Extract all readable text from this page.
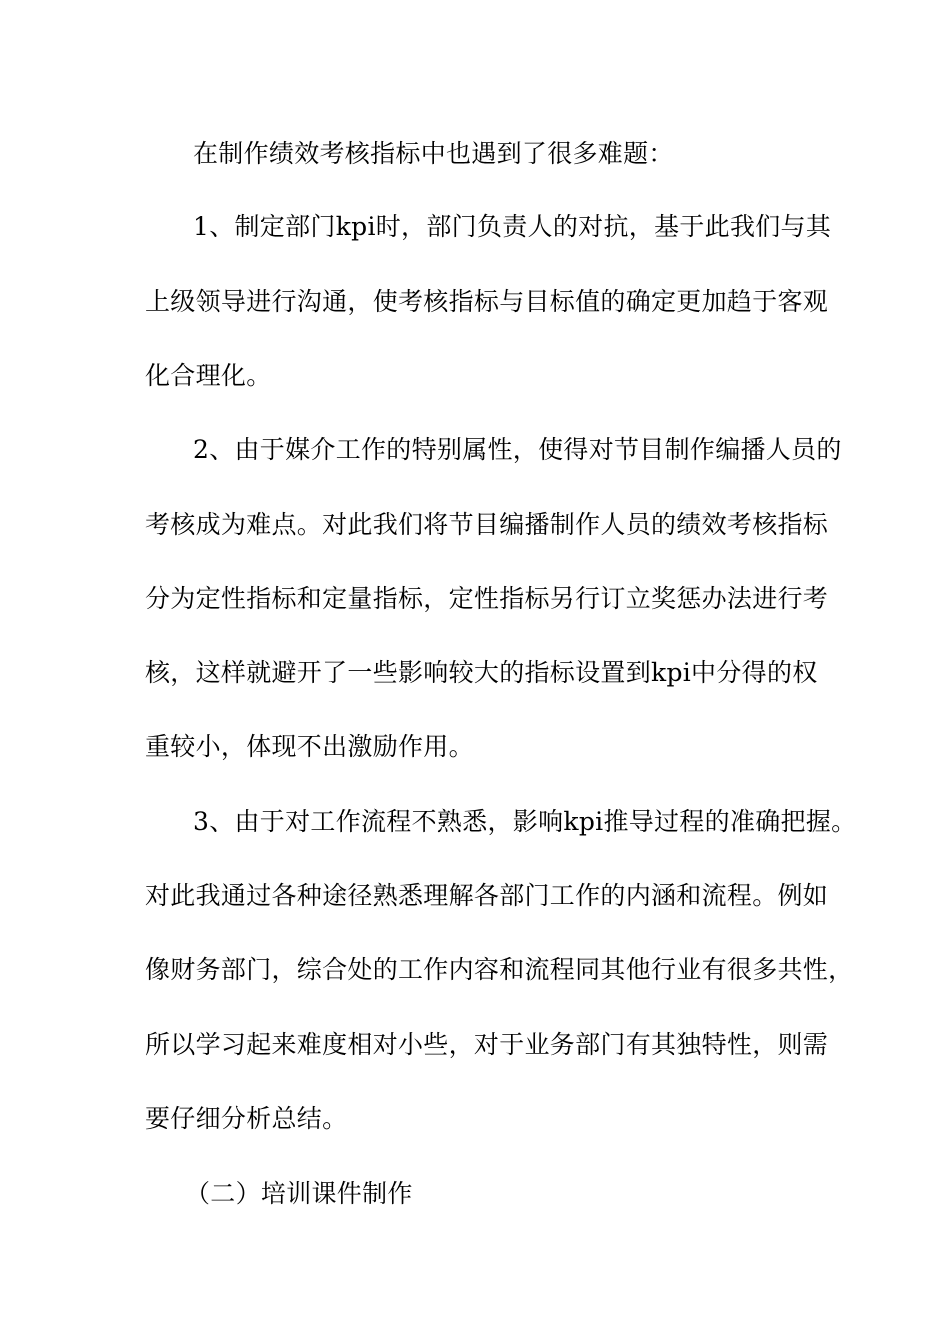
在制作绩效考核指标中也遇到了很多难题：
1、制定部门kpi时，部门负责人的对抗，基于此我们与其
上级领导进行沟通，使考核指标与目标值的确定更加趋于客观
化合理化。
2、由于媒介工作的特别属性，使得对节目制作编播人员的
考核成为难点。对此我们将节目编播制作人员的绩效考核指标
分为定性指标和定量指标，定性指标另行订立奖惩办法进行考
核，这样就避开了一些影响较大的指标设置到kpi中分得的权
重较小，体现不出激励作用。
3、由于对工作流程不熟悉，影响kpi推导过程的准确把握。
对此我通过各种途径熟悉理解各部门工作的内涵和流程。例如
像财务部门，综合处的工作内容和流程同其他行业有很多共性，
所以学习起来难度相对小些，对于业务部门有其独特性，则需
要仔细分析总结。
（二）培训课件制作
